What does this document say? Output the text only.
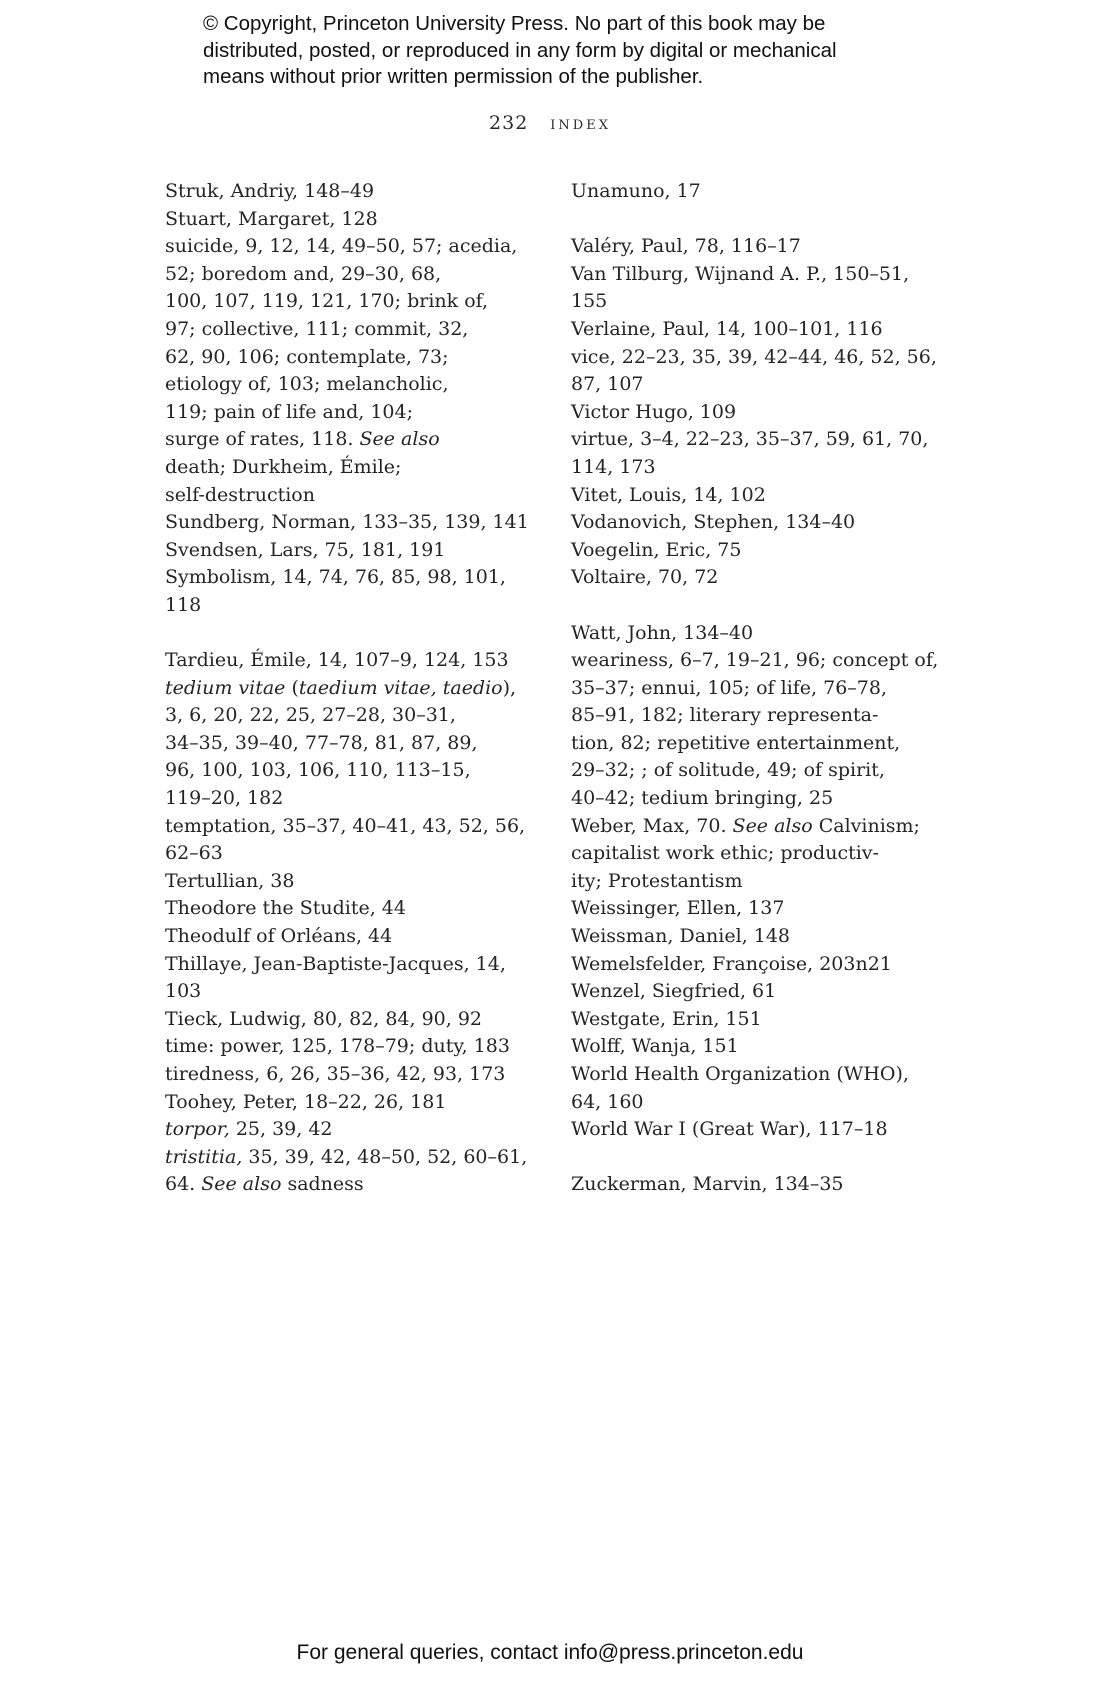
© Copyright, Princeton University Press. No part of this book may be
distributed, posted, or reproduced in any form by digital or mechanical
means without prior written permission of the publisher.
232 index
Struk, Andriy, 148–49
Stuart, Margaret, 128
suicide, 9, 12, 14, 49–50, 57; acedia,
52; boredom and, 29–30, 68,
100, 107, 119, 121, 170; brink of,
97; collective, 111; commit, 32,
62, 90, 106; contemplate, 73;
etiology of, 103; melancholic,
119; pain of life and, 104;
surge of rates, 118. See also
death; Durkheim, Émile;
self-destruction
Sundberg, Norman, 133–35, 139, 141
Svendsen, Lars, 75, 181, 191
Symbolism, 14, 74, 76, 85, 98, 101,
118
Tardieu, Émile, 14, 107–9, 124, 153
tedium vitae (taedium vitae, taedio),
3, 6, 20, 22, 25, 27–28, 30–31,
34–35, 39–40, 77–78, 81, 87, 89,
96, 100, 103, 106, 110, 113–15,
119–20, 182
temptation, 35–37, 40–41, 43, 52, 56,
62–63
Tertullian, 38
Theodore the Studite, 44
Theodulf of Orléans, 44
Thillaye, Jean-Baptiste-Jacques, 14,
103
Tieck, Ludwig, 80, 82, 84, 90, 92
time: power, 125, 178–79; duty, 183
tiredness, 6, 26, 35–36, 42, 93, 173
Toohey, Peter, 18–22, 26, 181
torpor, 25, 39, 42
tristitia, 35, 39, 42, 48–50, 52, 60–61,
64. See also sadness
Unamuno, 17
Valéry, Paul, 78, 116–17
Van Tilburg, Wijnand A. P., 150–51,
155
Verlaine, Paul, 14, 100–101, 116
vice, 22–23, 35, 39, 42–44, 46, 52, 56,
87, 107
Victor Hugo, 109
virtue, 3–4, 22–23, 35–37, 59, 61, 70,
114, 173
Vitet, Louis, 14, 102
Vodanovich, Stephen, 134–40
Voegelin, Eric, 75
Voltaire, 70, 72
Watt, John, 134–40
weariness, 6–7, 19–21, 96; concept of,
35–37; ennui, 105; of life, 76–78,
85–91, 182; literary representa-
tion, 82; repetitive entertainment,
29–32; ; of solitude, 49; of spirit,
40–42; tedium bringing, 25
Weber, Max, 70. See also Calvinism;
capitalist work ethic; productiv-
ity; Protestantism
Weissinger, Ellen, 137
Weissman, Daniel, 148
Wemelsfelder, Françoise, 203n21
Wenzel, Siegfried, 61
Westgate, Erin, 151
Wolff, Wanja, 151
World Health Organization (WHO),
64, 160
World War I (Great War), 117–18
Zuckerman, Marvin, 134–35
For general queries, contact info@press.princeton.edu
